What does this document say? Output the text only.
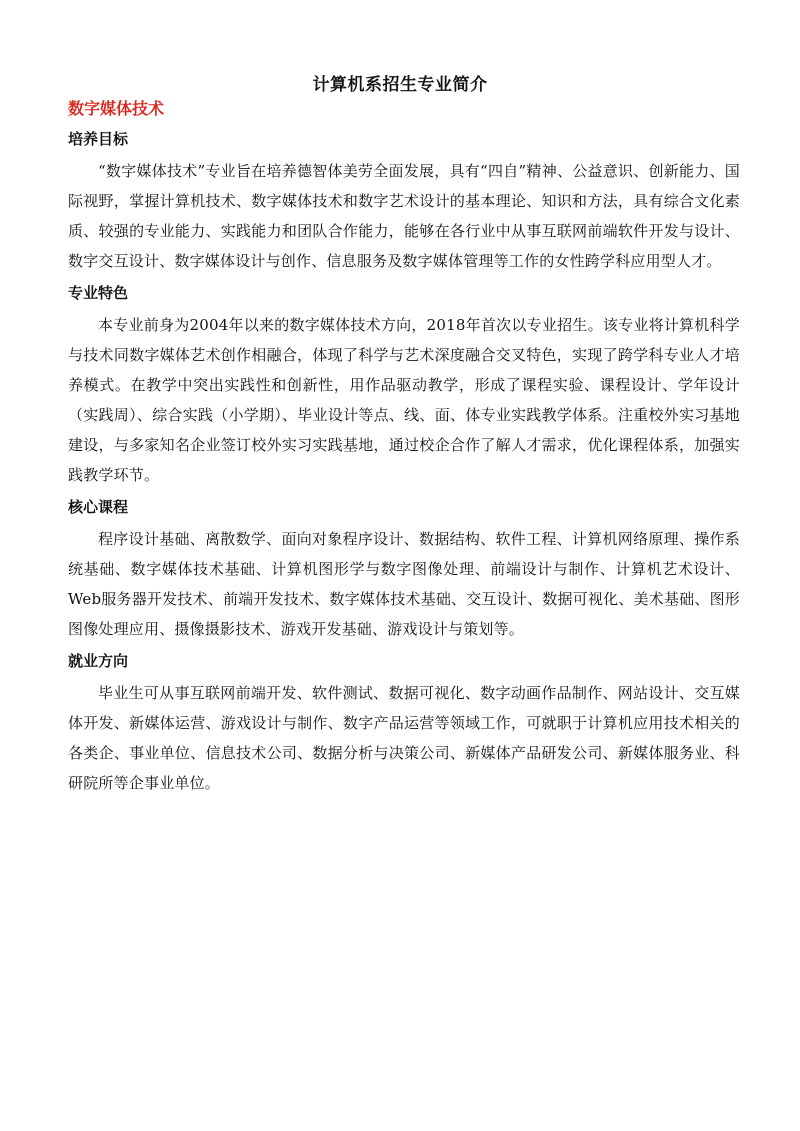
计算机系招生专业简介
数字媒体技术
培养目标

“数字媒体技术”专业旨在培养德智体美劳全面发展，具有“四自”精神、公益意识、创新能力、国际视野，掌握计算机技术、数字媒体技术和数字艺术设计的基本理论、知识和方法，具有综合文化素质、较强的专业能力、实践能力和团队合作能力，能够在各行业中从事互联网前端软件开发与设计、数字交互设计、数字媒体设计与创作、信息服务及数字媒体管理等工作的女性跨学科应用型人才。

专业特色

本专业前身为2004年以来的数字媒体技术方向，2018年首次以专业招生。该专业将计算机科学与技术同数字媒体艺术创作相融合，体现了科学与艺术深度融合交叉特色，实现了跨学科专业人才培养模式。在教学中突出实践性和创新性，用作品驱动教学，形成了课程实验、课程设计、学年设计（实践周）、综合实践（小学期）、毕业设计等点、线、面、体专业实践教学体系。注重校外实习基地建设，与多家知名企业签订校外实习实践基地，通过校企合作了解人才需求，优化课程体系，加强实践教学环节。

核心课程

程序设计基础、离散数学、面向对象程序设计、数据结构、软件工程、计算机网络原理、操作系统基础、数字媒体技术基础、计算机图形学与数字图像处理、前端设计与制作、计算机艺术设计、Web服务器开发技术、前端开发技术、数字媒体技术基础、交互设计、数据可视化、美术基础、图形图像处理应用、摄像摄影技术、游戏开发基础、游戏设计与策划等。

就业方向

毕业生可从事互联网前端开发、软件测试、数据可视化、数字动画作品制作、网站设计、交互媒体开发、新媒体运营、游戏设计与制作、数字产品运营等领域工作，可就职于计算机应用技术相关的各类企、事业单位、信息技术公司、数据分析与决策公司、新媒体产品研发公司、新媒体服务业、科研院所等企事业单位。
